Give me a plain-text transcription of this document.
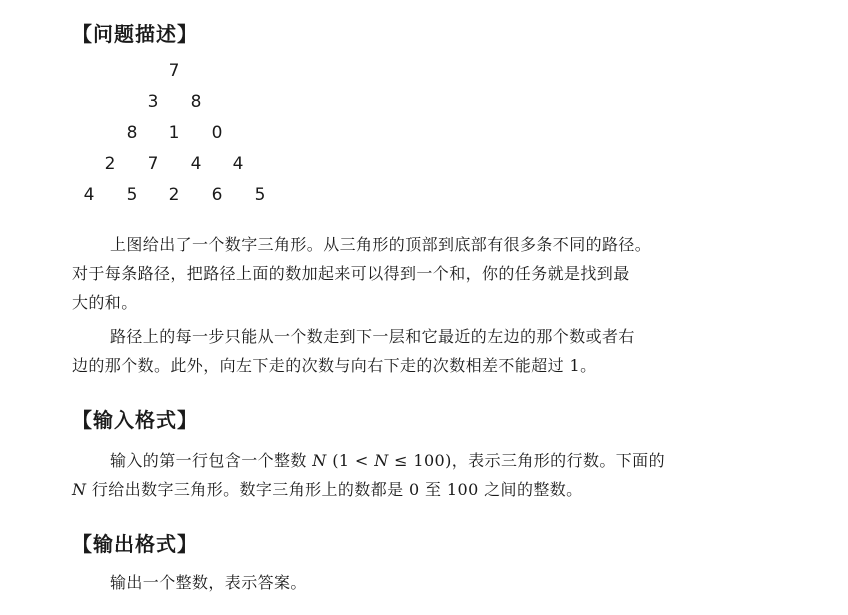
【问题描述】
7
3	8
8	1	0
2	7	4	4
4	5	2	6	5
上图给出了一个数字三角形。从三角形的顶部到底部有很多条不同的路径。
对于每条路径，把路径上面的数加起来可以得到一个和，你的任务就是找到最
大的和。
路径上的每一步只能从一个数走到下一层和它最近的左边的那个数或者右
边的那个数。此外，向左下走的次数与向右下走的次数相差不能超过 1。
【输入格式】
输入的第一行包含一个整数 N (1 < N ≤ 100)，表示三角形的行数。下面的
N 行给出数字三角形。数字三角形上的数都是 0 至 100 之间的整数。
【输出格式】
输出一个整数，表示答案。
